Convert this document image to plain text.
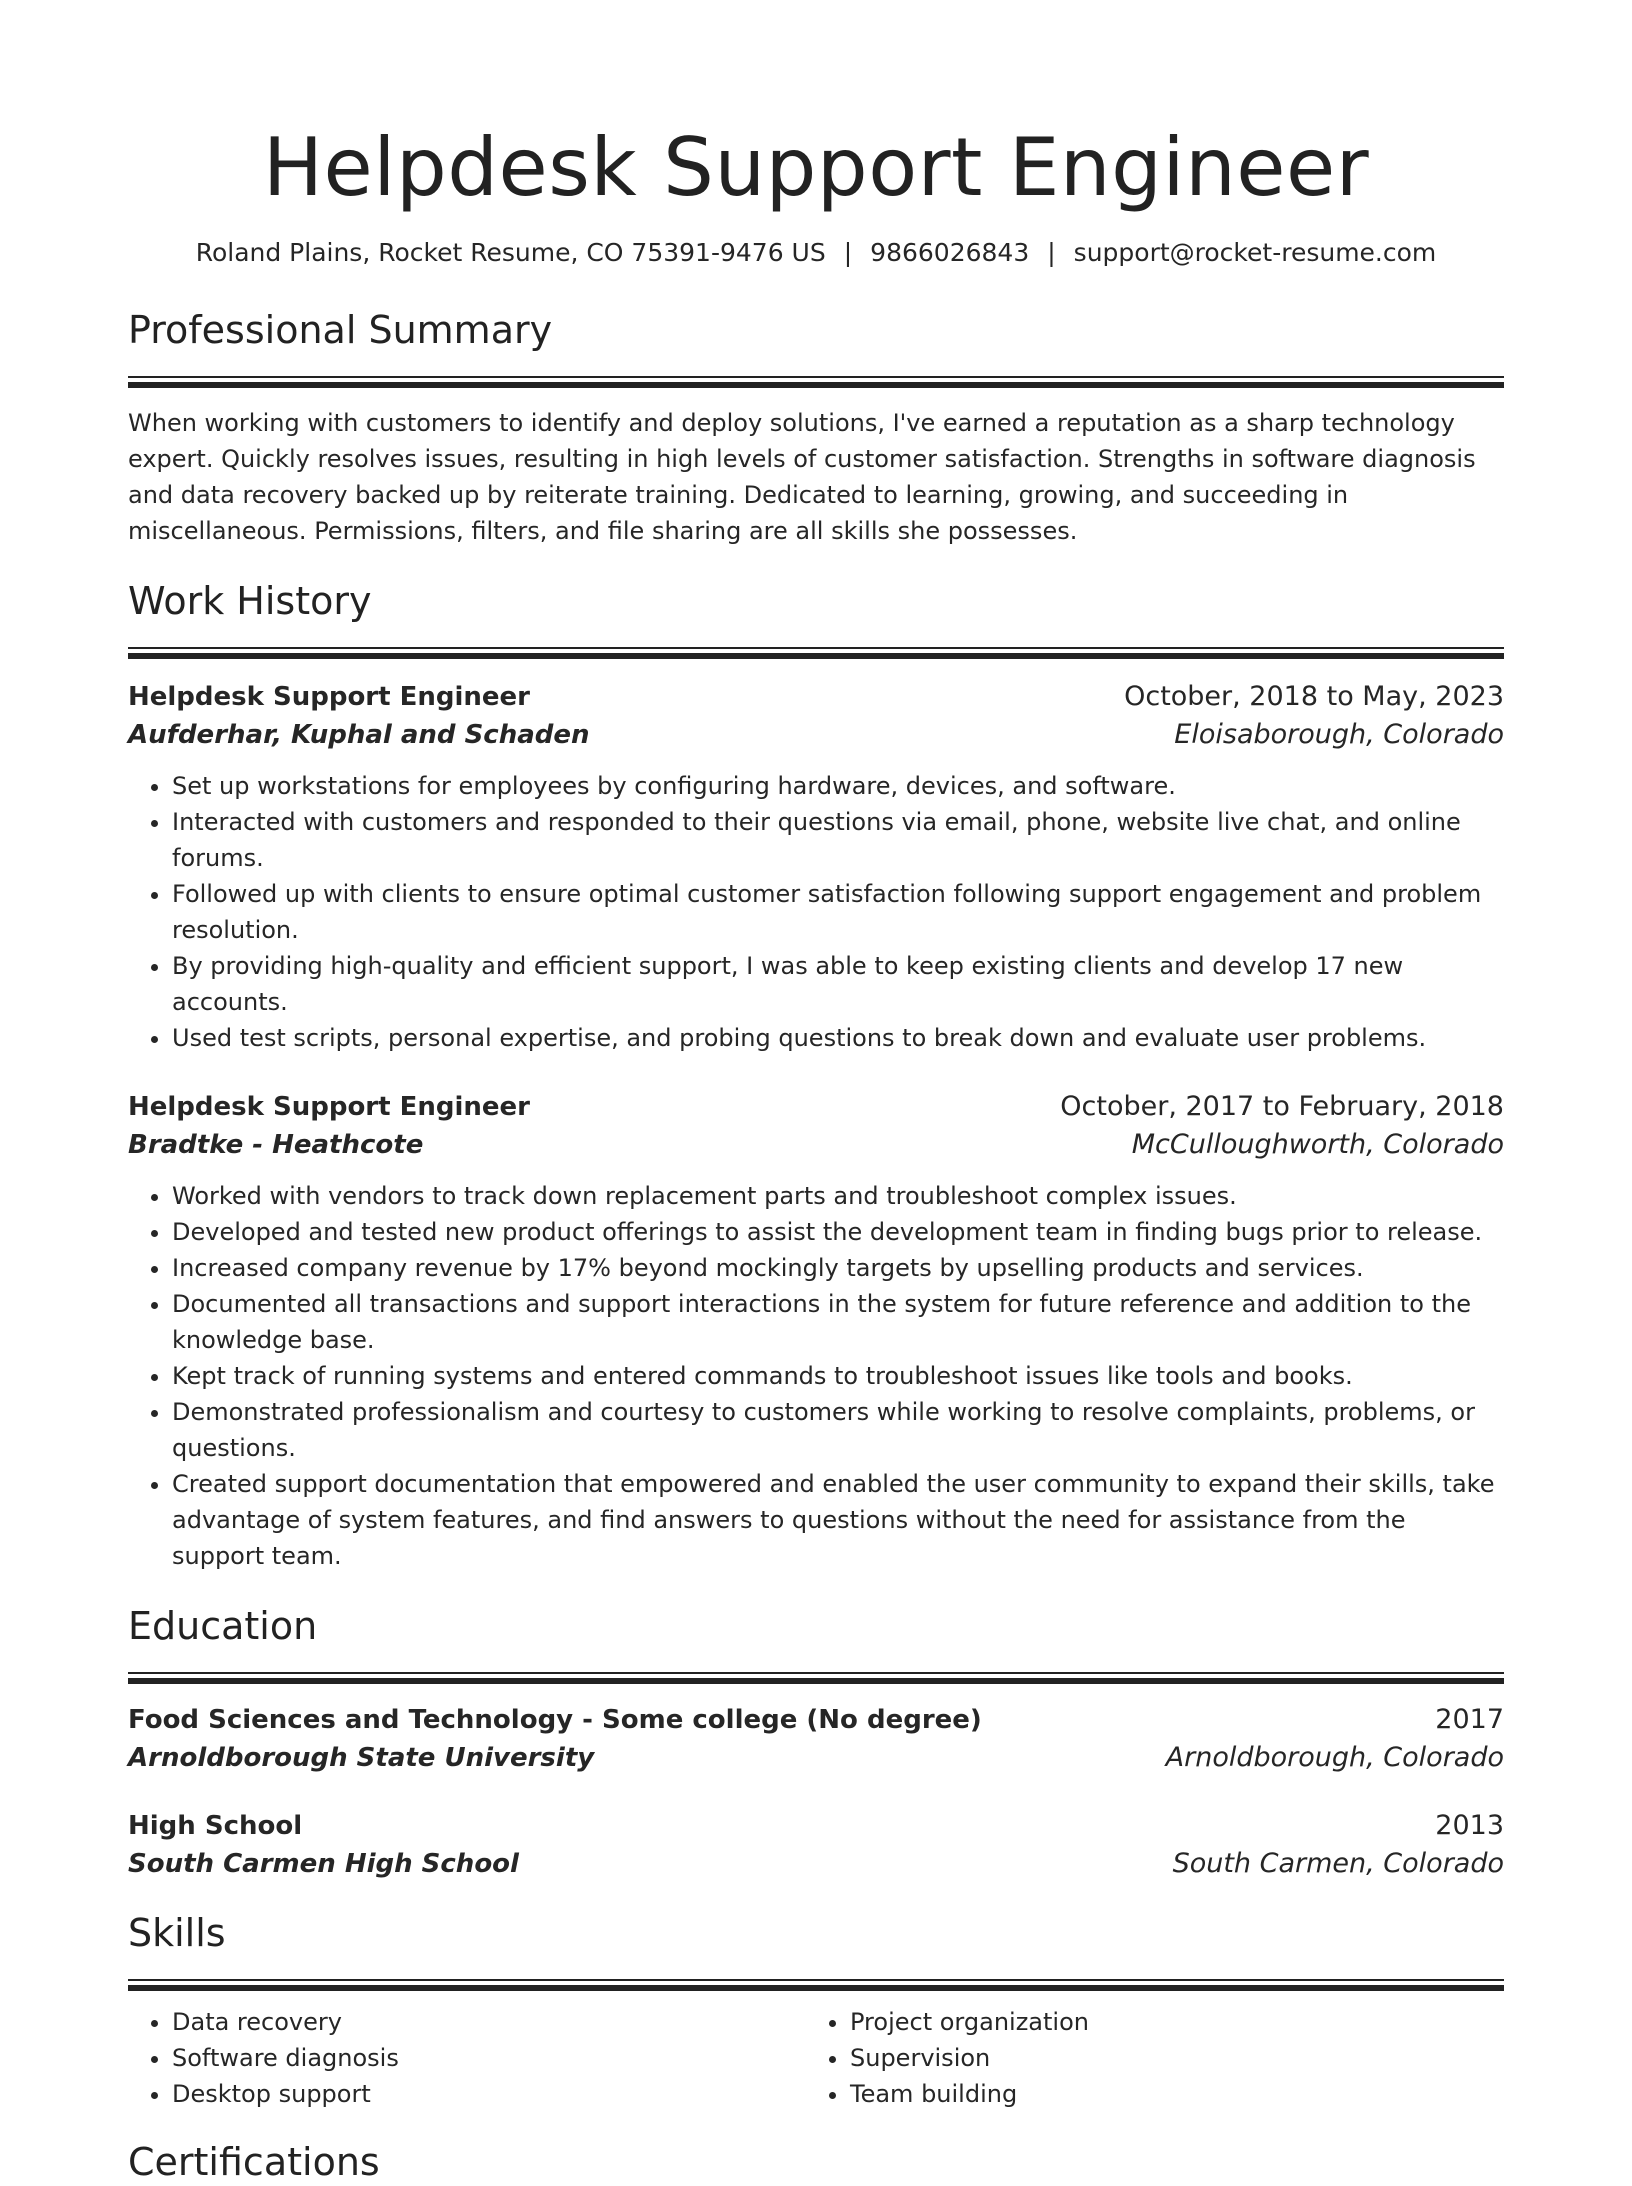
Helpdesk Support Engineer
Roland Plains, Rocket Resume, CO 75391-9476 US | 9866026843 | support@rocket-resume.com
Professional Summary

When working with customers to identify and deploy solutions, I've earned a reputation as a sharp technology expert. Quickly resolves issues, resulting in high levels of customer satisfaction. Strengths in software diagnosis and data recovery backed up by reiterate training. Dedicated to learning, growing, and succeeding in miscellaneous. Permissions, filters, and file sharing are all skills she possesses.

Work History
Helpdesk Support Engineer	October, 2018 to May, 2023
Aufderhar, Kuphal and Schaden	Eloisaborough, Colorado
• Set up workstations for employees by configuring hardware, devices, and software.
• Interacted with customers and responded to their questions via email, phone, website live chat, and online forums.
• Followed up with clients to ensure optimal customer satisfaction following support engagement and problem resolution.
• By providing high-quality and efficient support, I was able to keep existing clients and develop 17 new accounts.
• Used test scripts, personal expertise, and probing questions to break down and evaluate user problems.
Helpdesk Support Engineer	October, 2017 to February, 2018
Bradtke - Heathcote	McCulloughworth, Colorado
• Worked with vendors to track down replacement parts and troubleshoot complex issues.
• Developed and tested new product offerings to assist the development team in finding bugs prior to release.
• Increased company revenue by 17% beyond mockingly targets by upselling products and services.
• Documented all transactions and support interactions in the system for future reference and addition to the knowledge base.
• Kept track of running systems and entered commands to troubleshoot issues like tools and books.
• Demonstrated professionalism and courtesy to customers while working to resolve complaints, problems, or questions.
• Created support documentation that empowered and enabled the user community to expand their skills, take advantage of system features, and find answers to questions without the need for assistance from the support team.
Education
Food Sciences and Technology - Some college (No degree)	2017
Arnoldborough State University	Arnoldborough, Colorado
High School	2013
South Carmen High School	South Carmen, Colorado
Skills
• Data recovery
• Software diagnosis
• Desktop support
• Project organization
• Supervision
• Team building
Certifications
